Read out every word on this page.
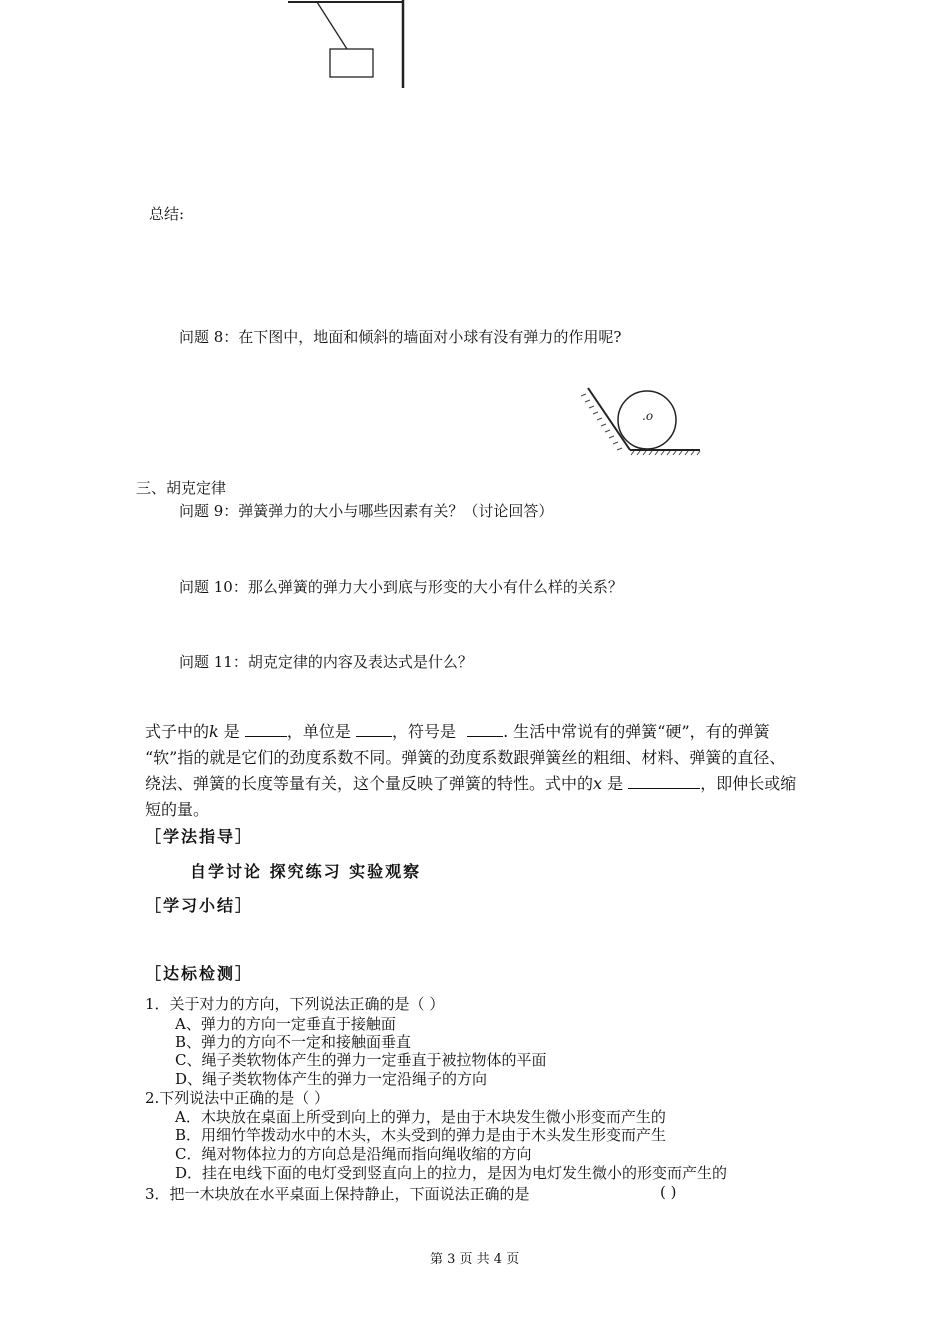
总结:
问题 8：在下图中，地面和倾斜的墙面对小球有没有弹力的作用呢?
.o
三、胡克定律
问题 9：弹簧弹力的大小与哪些因素有关？（讨论回答）
问题 10：那么弹簧的弹力大小到底与形变的大小有什么样的关系？
问题 11：胡克定律的内容及表达式是什么？
式子中的k 是	，单位是	，符号是	. 生活中常说有的弹簧“硬”，有的弹簧
“软”指的就是它们的劲度系数不同。弹簧的劲度系数跟弹簧丝的粗细、材料、弹簧的直径、
绕法、弹簧的长度等量有关，这个量反映了弹簧的特性。式中的x 是	，即伸长或缩
短的量。
［学法指导］
自学讨论 探究练习 实验观察
［学习小结］
［达标检测］
1．关于对力的方向，下列说法正确的是（ ）
A、弹力的方向一定垂直于接触面
B、弹力的方向不一定和接触面垂直
C、绳子类软物体产生的弹力一定垂直于被拉物体的平面
D、绳子类软物体产生的弹力一定沿绳子的方向
2.下列说法中正确的是（ ）
A．木块放在桌面上所受到向上的弹力，是由于木块发生微小形变而产生的
B．用细竹竿拨动水中的木头，木头受到的弹力是由于木头发生形变而产生
C．绳对物体拉力的方向总是沿绳而指向绳收缩的方向
D．挂在电线下面的电灯受到竖直向上的拉力，是因为电灯发生微小的形变而产生的
3．把一木块放在水平桌面上保持静止，下面说法正确的是	( )
第 3 页 共 4 页
